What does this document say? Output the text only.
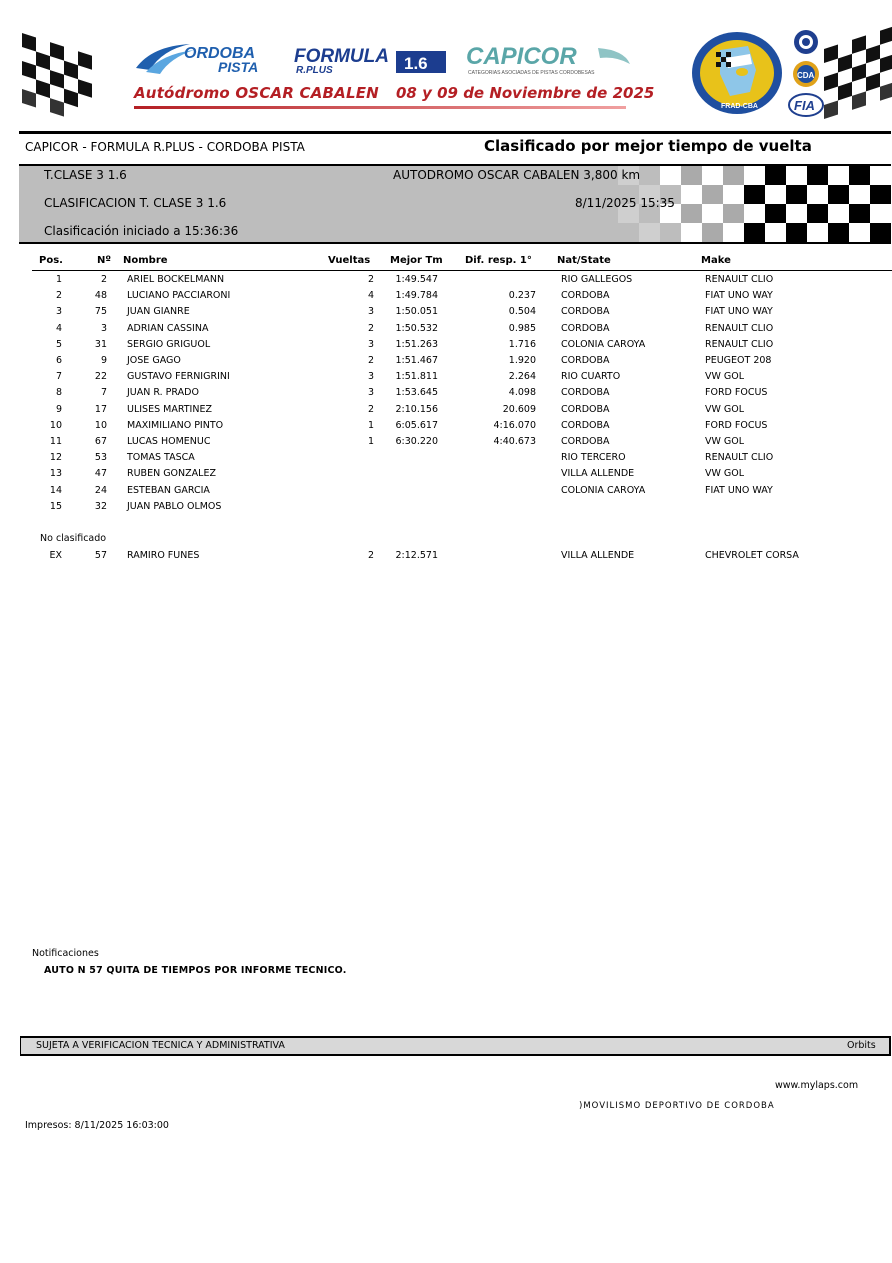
ORDOBA
PISTA FORMULA
R.PLUS	1.6 CAPICOR
CATEGORIAS ASOCIADAS DE PISTAS CORDOBESAS
Autódromo OSCAR CABALEN 08 y 09 de Noviembre de 2025
FRAD-CBA
CDA
FIA
CAPICOR - FORMULA R.PLUS - CORDOBA PISTA	Clasificado por mejor tiempo de vuelta
T.CLASE 3 1.6	AUTODROMO OSCAR CABALEN 3,800 km
CLASIFICACION T. CLASE 3 1.6	8/11/2025 15:35
Clasificación iniciado a 15:36:36
Pos.	Nº Nombre	Vueltas Mejor Tm Dif. resp. 1°	Nat/State	Make
1	2 ARIEL BOCKELMANN	2 1:49.547	RIO GALLEGOS	RENAULT CLIO
2	48 LUCIANO PACCIARONI	4 1:49.784	0.237	CORDOBA	FIAT UNO WAY
3	75 JUAN GIANRE	3 1:50.051	0.504	CORDOBA	FIAT UNO WAY
4	3 ADRIAN CASSINA	2 1:50.532	0.985	CORDOBA	RENAULT CLIO
5	31 SERGIO GRIGUOL	3 1:51.263	1.716	COLONIA CAROYA	RENAULT CLIO
6	9 JOSE GAGO	2 1:51.467	1.920	CORDOBA	PEUGEOT 208
7	22 GUSTAVO FERNIGRINI	3 1:51.811	2.264	RIO CUARTO	VW GOL
8	7 JUAN R. PRADO	3 1:53.645	4.098	CORDOBA	FORD FOCUS
9	17 ULISES MARTINEZ	2 2:10.156	20.609	CORDOBA	VW GOL
10	10 MAXIMILIANO PINTO	1 6:05.617	4:16.070	CORDOBA	FORD FOCUS
11	67 LUCAS HOMENUC	1 6:30.220	4:40.673	CORDOBA	VW GOL
12	53 TOMAS TASCA	RIO TERCERO	RENAULT CLIO
13	47 RUBEN GONZALEZ	VILLA ALLENDE	VW GOL
14	24 ESTEBAN GARCIA	COLONIA CAROYA	FIAT UNO WAY
15	32 JUAN PABLO OLMOS
No clasificado
EX	57 RAMIRO FUNES	2 2:12.571	VILLA ALLENDE	CHEVROLET CORSA
Notificaciones
AUTO N 57 QUITA DE TIEMPOS POR INFORME TECNICO.
SUJETA A VERIFICACION TECNICA Y ADMINISTRATIVA	Orbits
www.mylaps.com
)MOVILISMO DEPORTIVO DE CORDOBA
Impresos: 8/11/2025 16:03:00
